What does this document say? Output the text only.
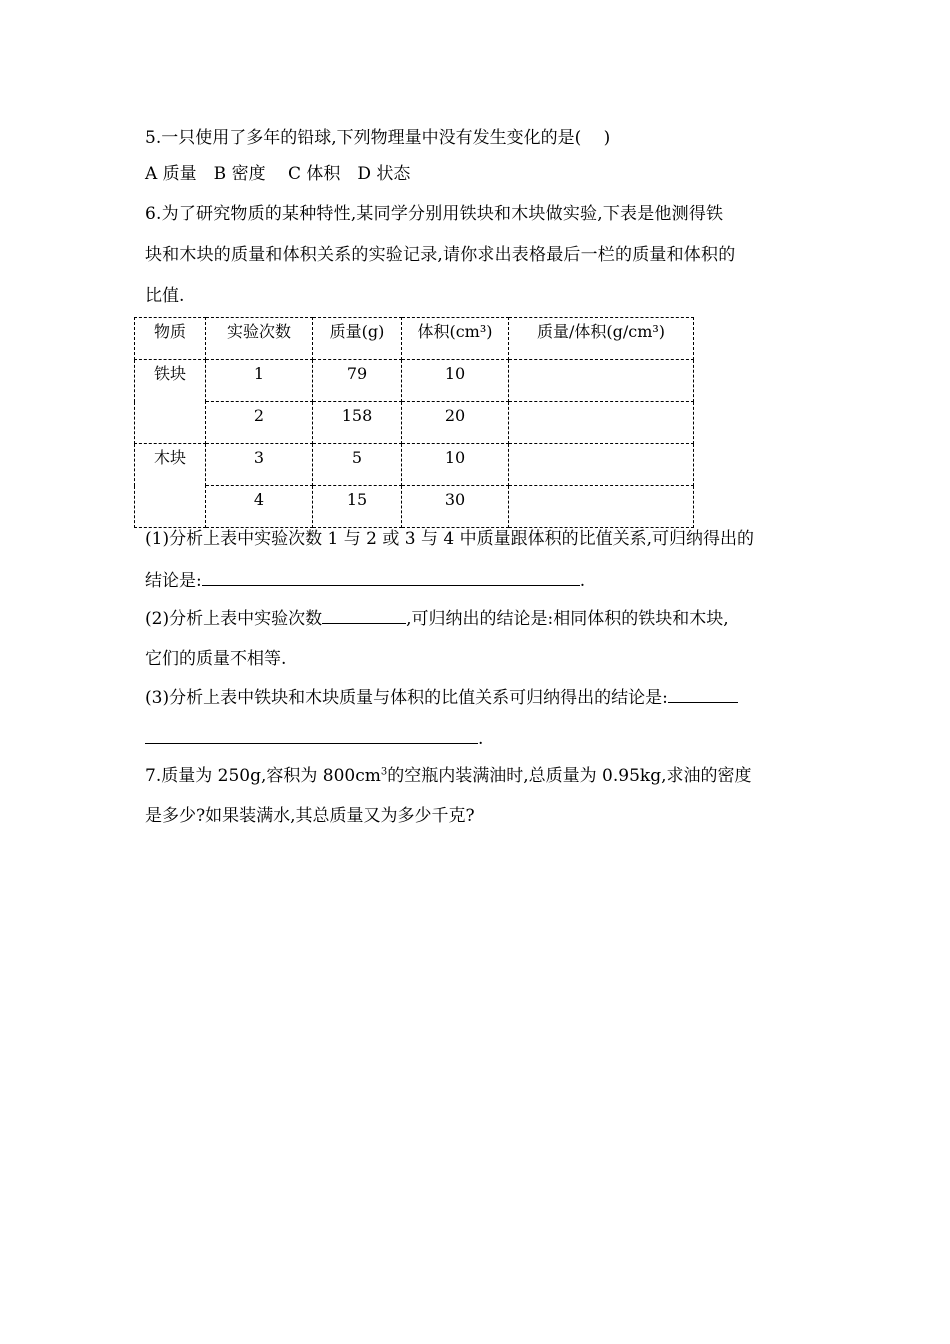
5.一只使用了多年的铅球,下列物理量中没有发生变化的是(　 )
A 质量　B 密度　 C 体积　D 状态
6.为了研究物质的某种特性,某同学分别用铁块和木块做实验,下表是他测得铁
块和木块的质量和体积关系的实验记录,请你求出表格最后一栏的质量和体积的
比值.
物质	实验次数	质量(g)	体积(cm³)	质量/体积(g/cm³)
铁块	1	79	10	
	2	158	20	
木块	3	5	10	
	4	15	30	
(1)分析上表中实验次数 1 与 2 或 3 与 4 中质量跟体积的比值关系,可归纳得出的
结论是:	.
(2)分析上表中实验次数	,可归纳出的结论是:相同体积的铁块和木块,
它们的质量不相等.
(3)分析上表中铁块和木块质量与体积的比值关系可归纳得出的结论是:
.
7.质量为 250g,容积为 $800cm^3$的空瓶内装满油时,总质量为 0.95kg,求油的密度
是多少?如果装满水,其总质量又为多少千克?
